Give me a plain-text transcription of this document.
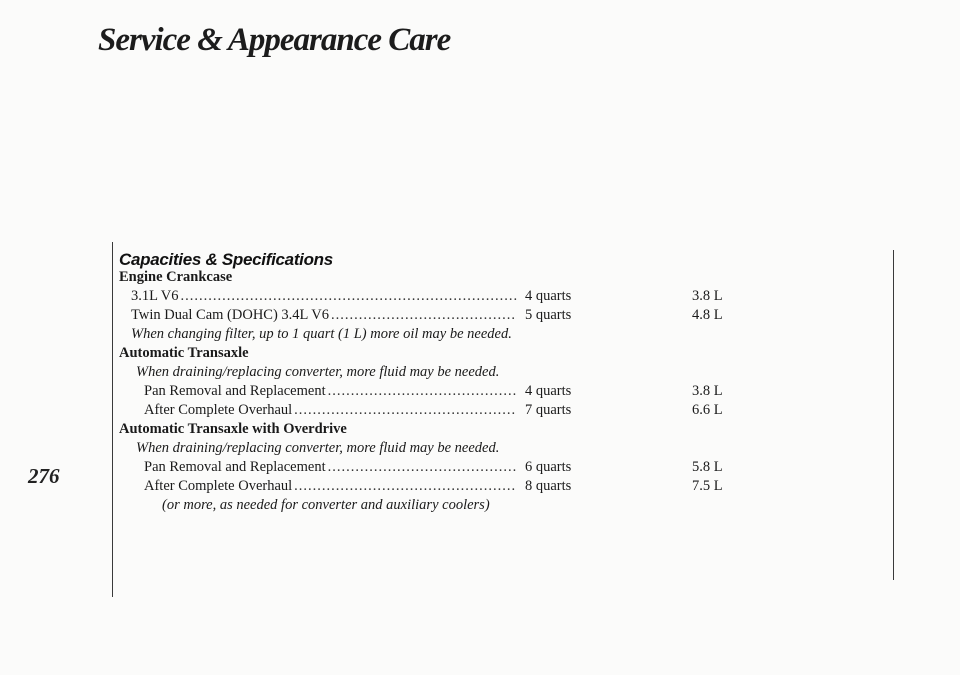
Service & Appearance Care
276
Capacities & Specifications
Engine Crankcase
3.1L V6 .....	4 quarts	3.8 L
Twin Dual Cam (DOHC) 3.4L V6 .....	5 quarts	4.8 L
When changing filter, up to 1 quart (1 L) more oil may be needed.
Automatic Transaxle
When draining/replacing converter, more fluid may be needed.
Pan Removal and Replacement .....	4 quarts	3.8 L
After Complete Overhaul .....	7 quarts	6.6 L
Automatic Transaxle with Overdrive
When draining/replacing converter, more fluid may be needed.
Pan Removal and Replacement .....	6 quarts	5.8 L
After Complete Overhaul .....	8 quarts	7.5 L
(or more, as needed for converter and auxiliary coolers)
